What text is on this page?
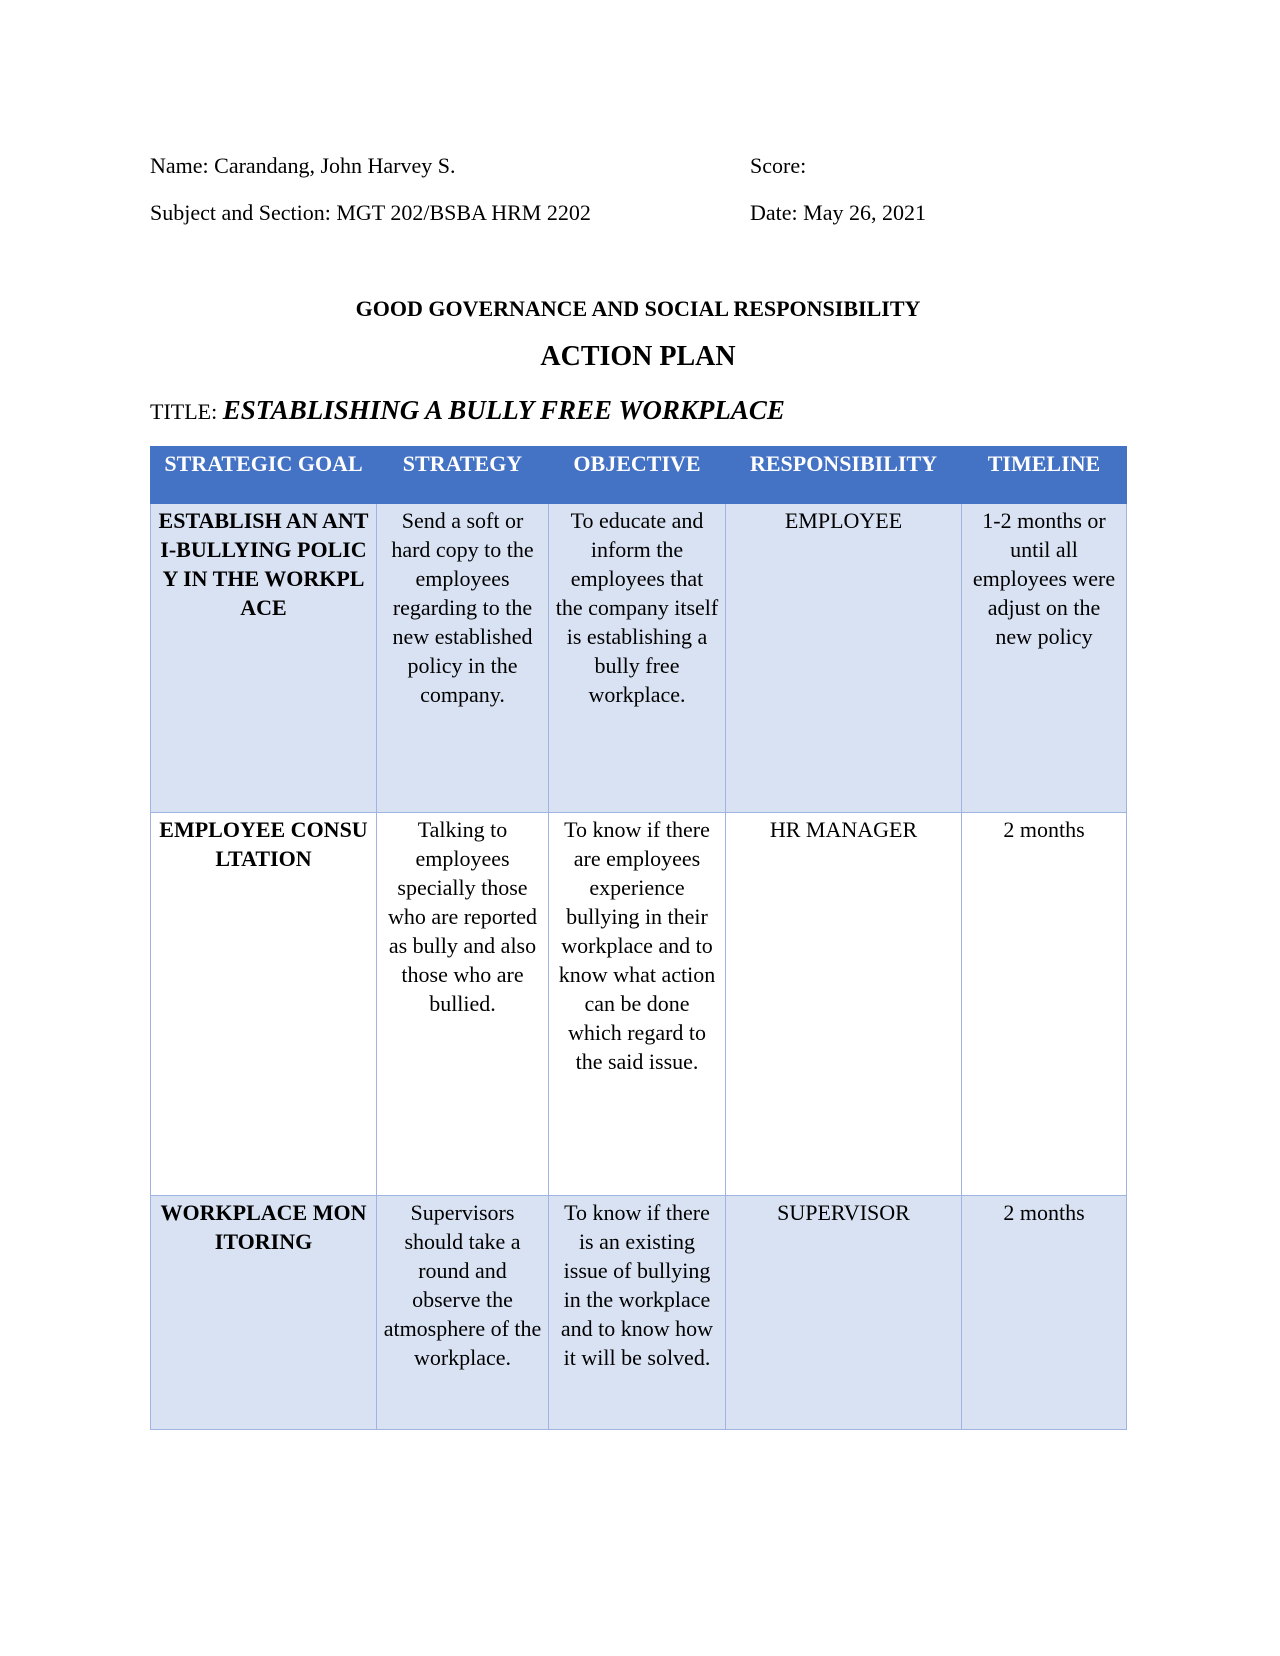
Name: Carandang, John Harvey S.
Subject and Section: MGT 202/BSBA HRM 2202
Score:
Date: May 26, 2021
GOOD GOVERNANCE AND SOCIAL RESPONSIBILITY
ACTION PLAN
TITLE: ESTABLISHING A BULLY FREE WORKPLACE
STRATEGIC GOAL	STRATEGY	OBJECTIVE	RESPONSIBILITY	TIMELINE
ESTABLISH AN ANTI-BULLYING POLICY IN THE WORKPLACE	Send a soft or hard copy to the employees regarding to the new established policy in the company.	To educate and inform the employees that the company itself is establishing a bully free workplace.	EMPLOYEE	1-2 months or until all employees were adjust on the new policy
EMPLOYEE CONSULTATION	Talking to employees specially those who are reported as bully and also those who are bullied.	To know if there are employees experience bullying in their workplace and to know what action can be done which regard to the said issue.	HR MANAGER	2 months
WORKPLACE MONITORING	Supervisors should take a round and observe the atmosphere of the workplace.	To know if there is an existing issue of bullying in the workplace and to know how it will be solved.	SUPERVISOR	2 months
